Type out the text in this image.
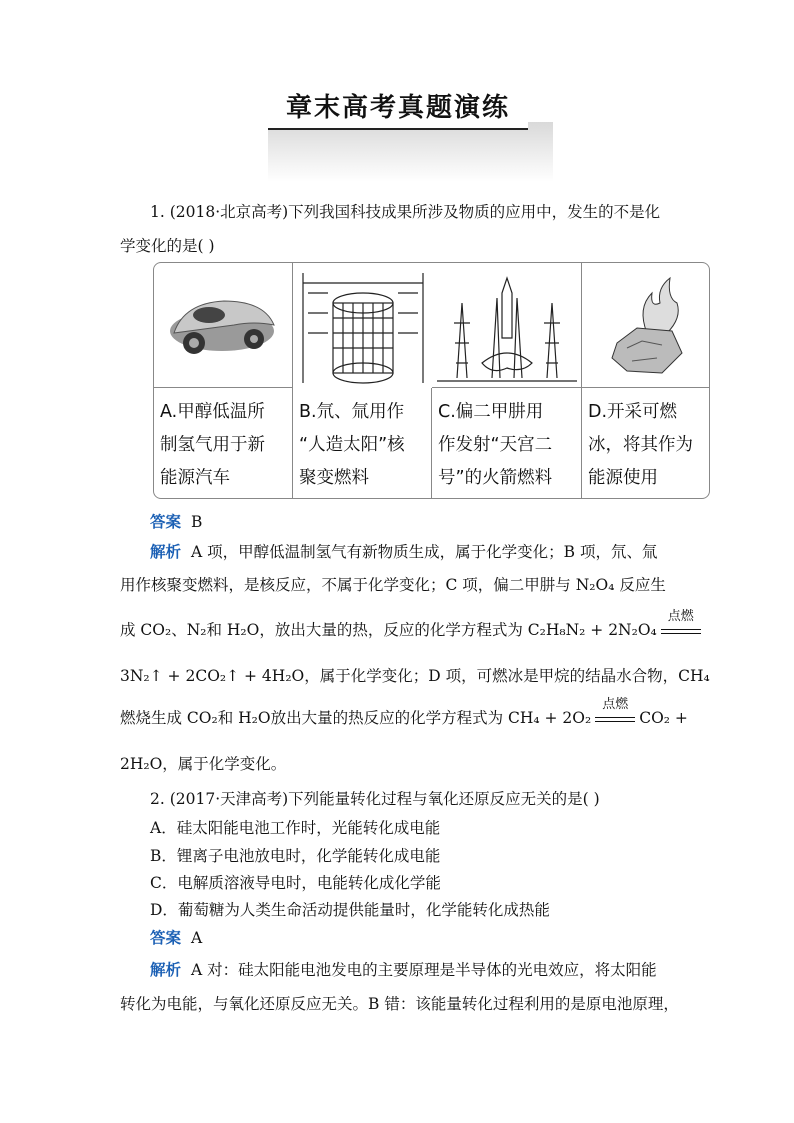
章末高考真题演练
1. (2018·北京高考)下列我国科技成果所涉及物质的应用中，发生的不是化
学变化的是( )
A.甲醇低温所
制氢气用于新
能源汽车
B.氘、氚用作
“人造太阳”核
聚变燃料
C.偏二甲肼用
作发射“天宫二
号”的火箭燃料
D.开采可燃
冰，将其作为
能源使用
答案 B
解析 A 项，甲醇低温制氢气有新物质生成，属于化学变化；B 项，氘、氚
用作核聚变燃料，是核反应，不属于化学变化；C 项，偏二甲肼与 N₂O₄ 反应生
成 CO₂、N₂和 H₂O，放出大量的热，反应的化学方程式为 C₂H₈N₂ + 2N₂O₄
点燃
3N₂↑ + 2CO₂↑ + 4H₂O，属于化学变化；D 项，可燃冰是甲烷的结晶水合物，CH₄
燃烧生成 CO₂和 H₂O放出大量的热反应的化学方程式为 CH₄ + 2O₂
点燃
CO₂ +
2H₂O，属于化学变化。
2. (2017·天津高考)下列能量转化过程与氧化还原反应无关的是( )
A．硅太阳能电池工作时，光能转化成电能
B．锂离子电池放电时，化学能转化成电能
C．电解质溶液导电时，电能转化成化学能
D．葡萄糖为人类生命活动提供能量时，化学能转化成热能
答案 A
解析 A 对：硅太阳能电池发电的主要原理是半导体的光电效应，将太阳能
转化为电能，与氧化还原反应无关。B 错：该能量转化过程利用的是原电池原理，
